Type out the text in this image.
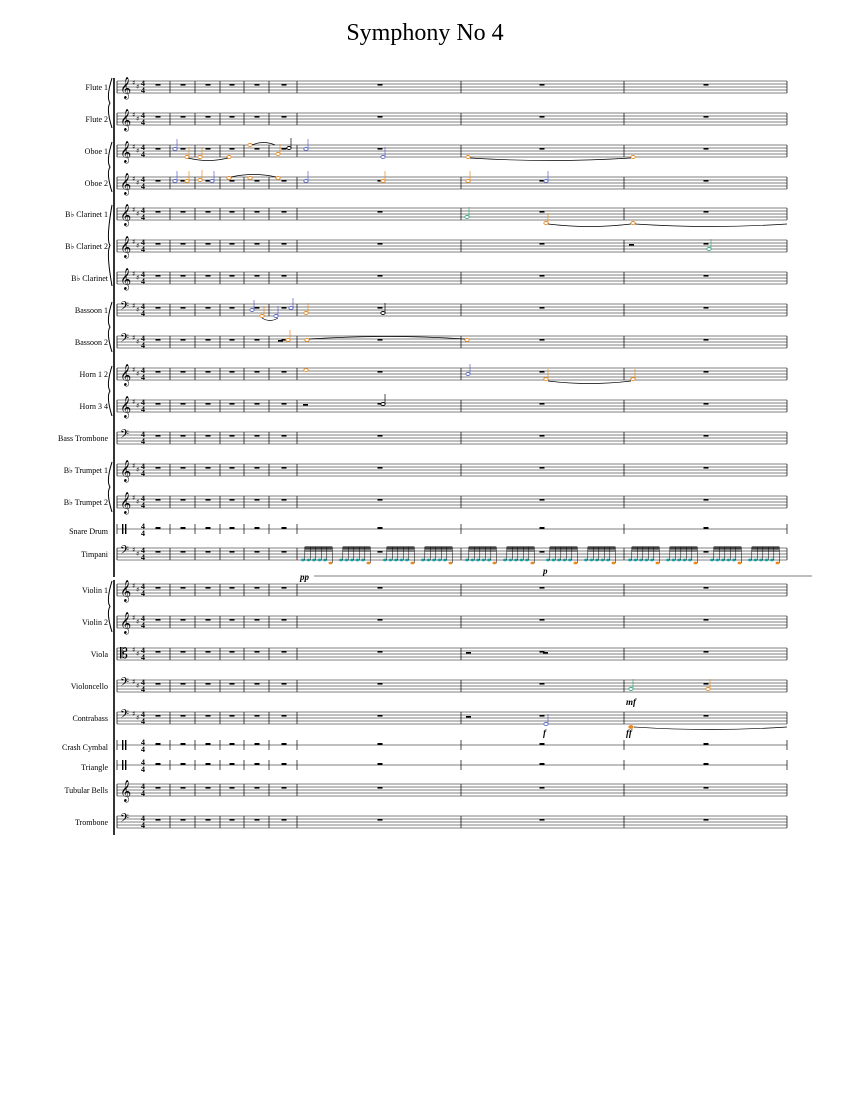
Symphony No 4
Flute 1
Flute 2
Oboe 1
Oboe 2
B♭ Clarinet 1
B♭ Clarinet 2
B♭ Clarinet
Bassoon 1
Bassoon 2
Horn 1 2
Horn 3 4
Bass Trombone
B♭ Trumpet 1
B♭ Trumpet 2
Snare Drum
Timpani
Violin 1
Violin 2
Viola
Violoncello
Contrabass
Crash Cymbal
Triangle
Tubular Bells
Trombone
𝄞 ♯ ♯ 4
4
𝄞 ♯ ♯ 4
4
𝄞 ♯ ♯ 4
4
𝄞 ♯ ♯ 4
4
𝄞 ♯ ♯ 4
4
𝄞 ♯ ♯ 4
4
𝄞 ♯ ♯ 4
4
𝄢 ♯ ♯ 4
4
𝄢 ♯ ♯ 4
4
𝄞 ♯ ♯ 4
4
𝄞 ♯ ♯ 4
4
𝄢 4
4
𝄞 ♯ ♯ 4
4
𝄞 ♯ ♯ 4
4
4
4
𝄢 ♯ ♯ 4
4
𝄞 ♯ ♯ 4
4
𝄞 ♯ ♯ 4
4
𝄡 ♯ ♯ 4
4
𝄢 ♯ ♯ 4
4
𝄢 ♯ ♯ 4
4
4
4
4
4
𝄞 4
4
𝄢 4
4
pp
p
f
mf
ff
